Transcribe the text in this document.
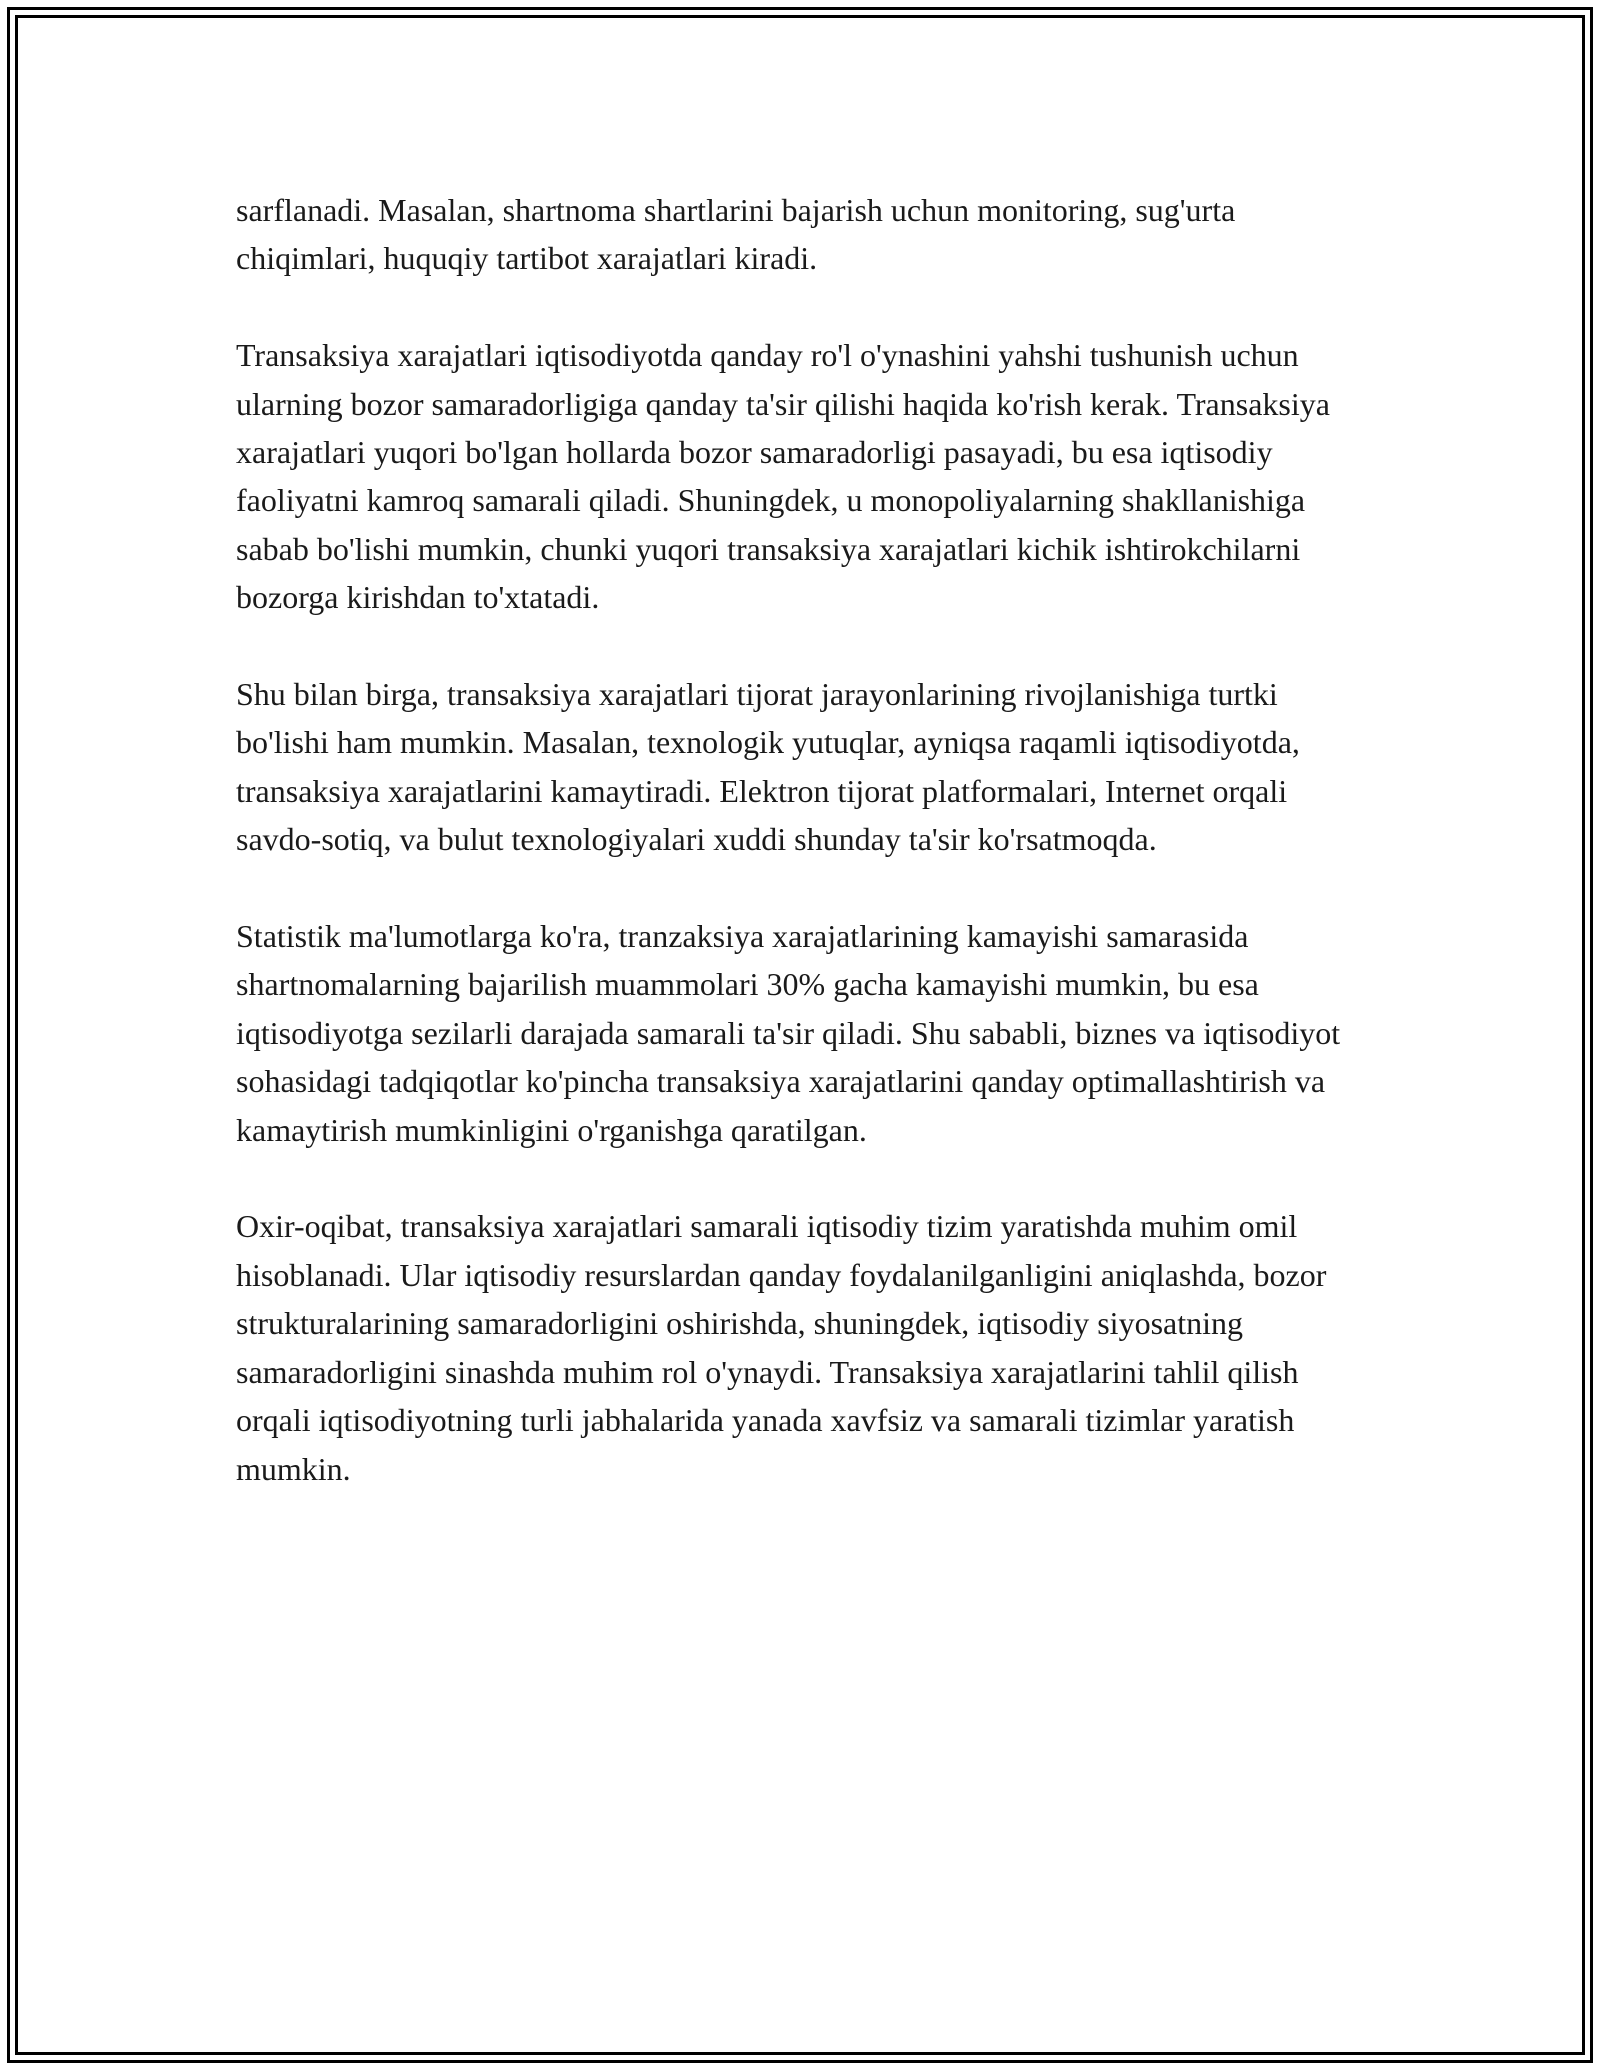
sarflanadi. Masalan, shartnoma shartlarini bajarish uchun monitoring, sug'urta chiqimlari, huquqiy tartibot xarajatlari kiradi.

Transaksiya xarajatlari iqtisodiyotda qanday ro'l o'ynashini yahshi tushunish uchun ularning bozor samaradorligiga qanday ta'sir qilishi haqida ko'rish kerak. Transaksiya xarajatlari yuqori bo'lgan hollarda bozor samaradorligi pasayadi, bu esa iqtisodiy faoliyatni kamroq samarali qiladi. Shuningdek, u monopoliyalarning shakllanishiga sabab bo'lishi mumkin, chunki yuqori transaksiya xarajatlari kichik ishtirokchilarni bozorga kirishdan to'xtatadi.

Shu bilan birga, transaksiya xarajatlari tijorat jarayonlarining rivojlanishiga turtki bo'lishi ham mumkin. Masalan, texnologik yutuqlar, ayniqsa raqamli iqtisodiyotda, transaksiya xarajatlarini kamaytiradi. Elektron tijorat platformalari, Internet orqali savdo-sotiq, va bulut texnologiyalari xuddi shunday ta'sir ko'rsatmoqda.

Statistik ma'lumotlarga ko'ra, tranzaksiya xarajatlarining kamayishi samarasida shartnomalarning bajarilish muammolari 30% gacha kamayishi mumkin, bu esa iqtisodiyotga sezilarli darajada samarali ta'sir qiladi. Shu sababli, biznes va iqtisodiyot sohasidagi tadqiqotlar ko'pincha transaksiya xarajatlarini qanday optimallashtirish va kamaytirish mumkinligini o'rganishga qaratilgan.

Oxir-oqibat, transaksiya xarajatlari samarali iqtisodiy tizim yaratishda muhim omil hisoblanadi. Ular iqtisodiy resurslardan qanday foydalanilganligini aniqlashda, bozor strukturalarining samaradorligini oshirishda, shuningdek, iqtisodiy siyosatning samaradorligini sinashda muhim rol o'ynaydi. Transaksiya xarajatlarini tahlil qilish orqali iqtisodiyotning turli jabhalarida yanada xavfsiz va samarali tizimlar yaratish mumkin.
